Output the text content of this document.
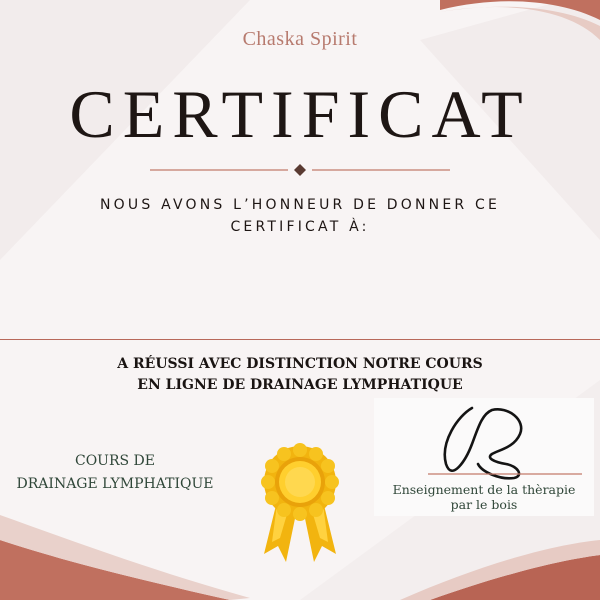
Chaska Spirit
CERTIFICAT
NOUS AVONS L’HONNEUR DE DONNER CE
CERTIFICAT À:
A RÉUSSI AVEC DISTINCTION NOTRE COURS
EN LIGNE DE DRAINAGE LYMPHATIQUE
COURS DE
DRAINAGE LYMPHATIQUE	Enseignement de la thèrapie
par le bois
